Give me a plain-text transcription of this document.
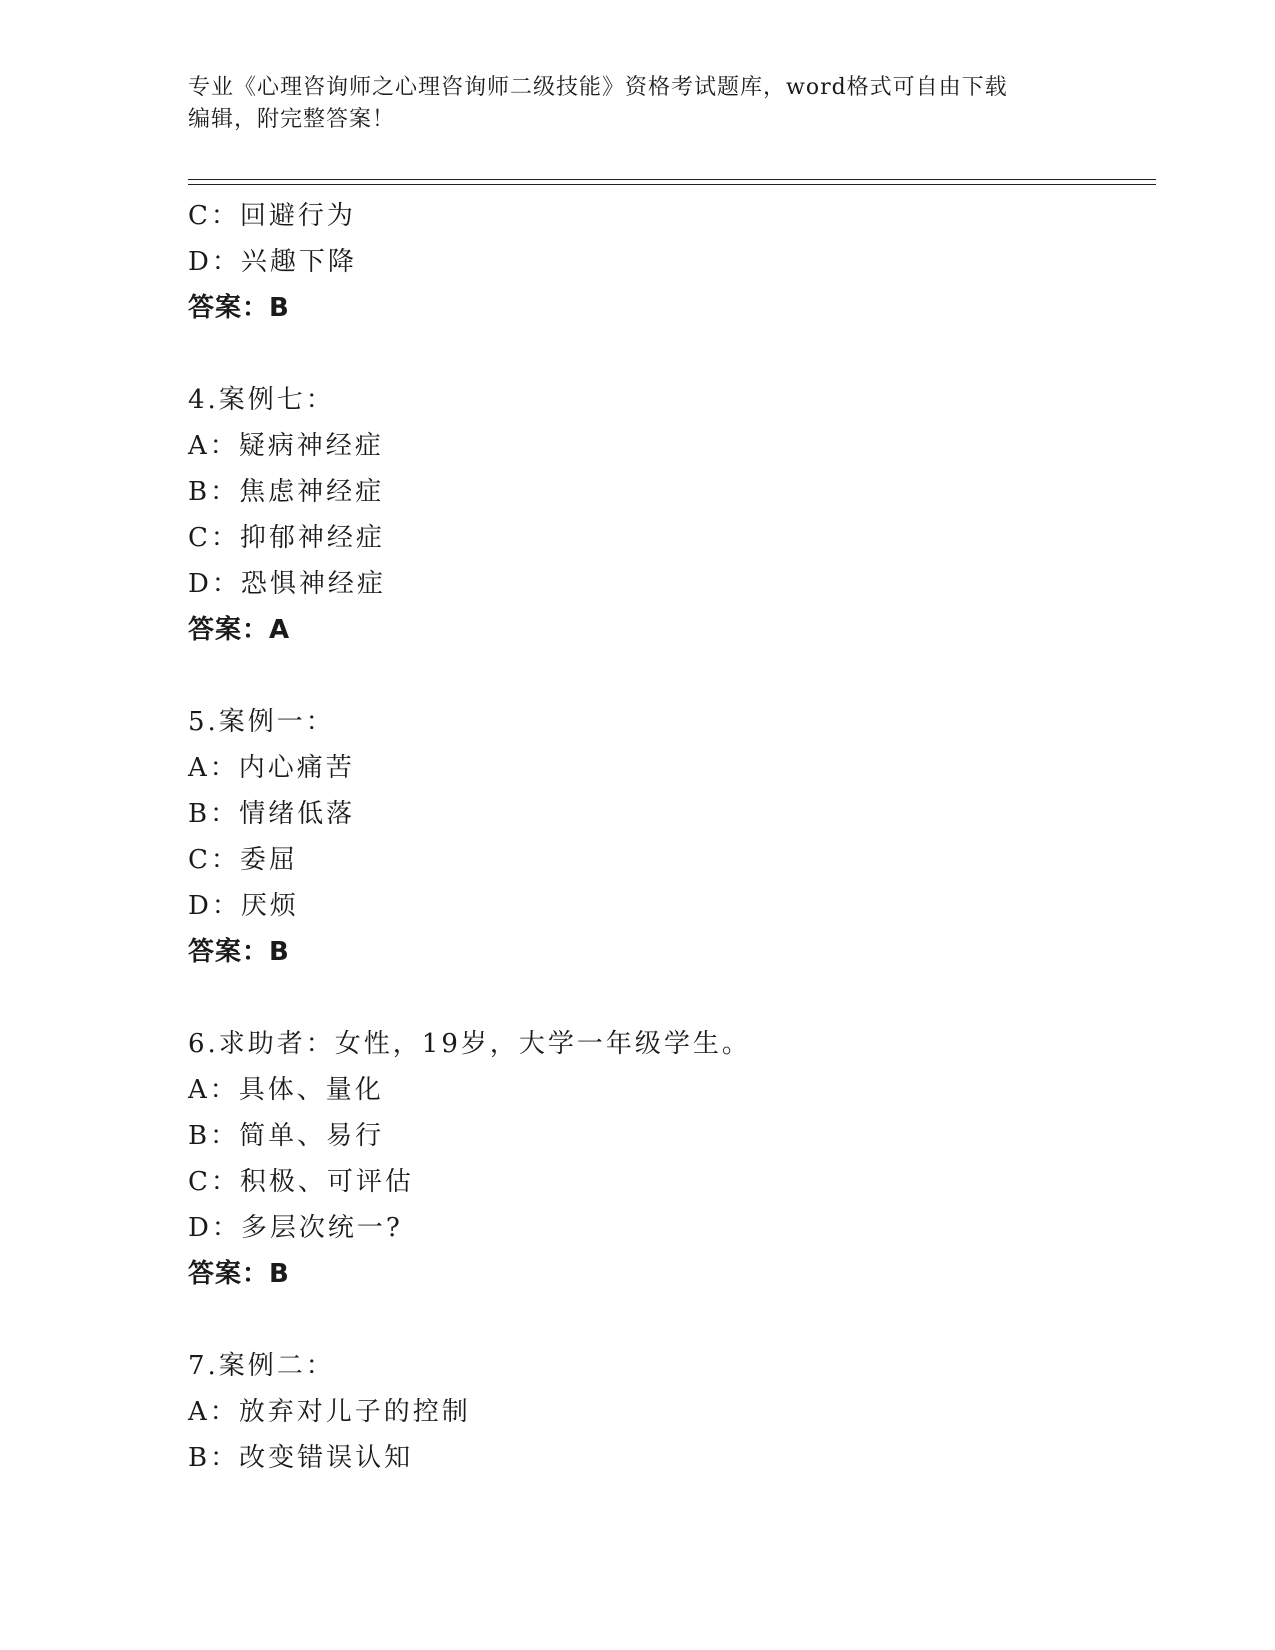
专业《心理咨询师之心理咨询师二级技能》资格考试题库，word格式可自由下载
编辑，附完整答案！
C：回避行为
D：兴趣下降
答案：B
4.案例七：
A：疑病神经症
B：焦虑神经症
C：抑郁神经症
D：恐惧神经症
答案：A
5.案例一：
A：内心痛苦
B：情绪低落
C：委屈
D：厌烦
答案：B
6.求助者：女性，19岁，大学一年级学生。
A：具体、量化
B：简单、易行
C：积极、可评估
D：多层次统一?
答案：B
7.案例二：
A：放弃对儿子的控制
B：改变错误认知
